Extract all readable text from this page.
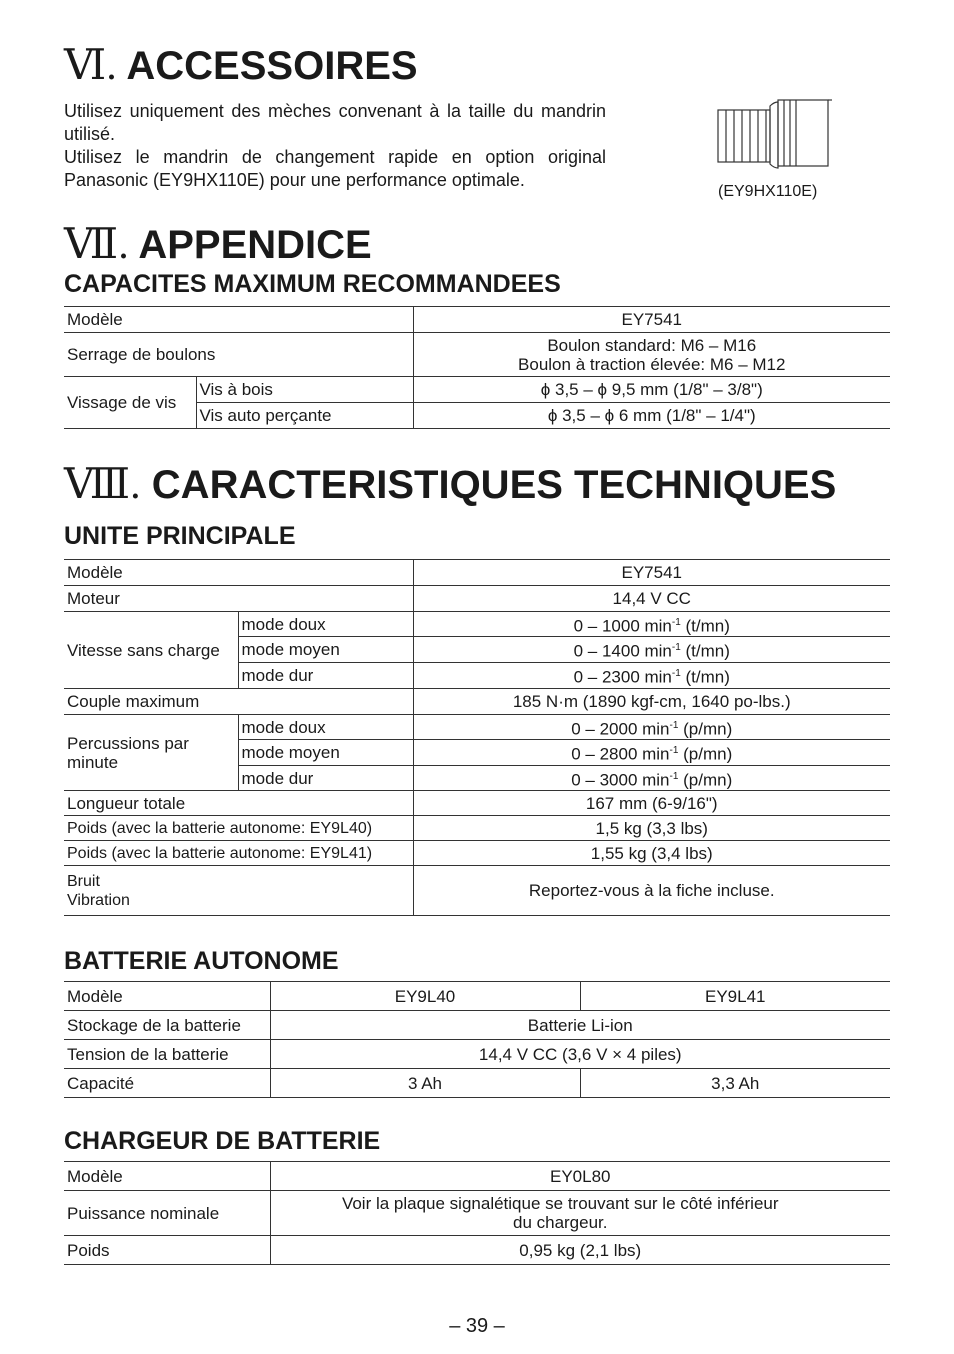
Ⅵ. ACCESSOIRES

Utilisez uniquement des mèches convenant à la taille du mandrin utilisé.

Utilisez le mandrin de changement rapide en option original Panasonic (EY9HX110E) pour une performance optimale.

(EY9HX110E)
Ⅶ. APPENDICE
CAPACITES MAXIMUM RECOMMANDEES
Modèle		EY7541
Serrage de boulons		Boulon standard: M6 – M16
Boulon à traction élevée: M6 – M12

Vissage de vis	Vis à bois	ϕ 3,5 – ϕ 9,5 mm (1/8" – 3/8")
	Vis auto perçante	ϕ 3,5 – ϕ 6 mm (1/8" – 1/4")
Ⅷ. CARACTERISTIQUES TECHNIQUES
UNITE PRINCIPALE
Modèle		EY7541
Moteur		14,4 V CC
Vitesse sans charge	mode doux	0 – 1000 $\min^{-1} (t/mn)$
	mode moyen	0 – 1400 $\min^{-1} (t/mn)$
	mode dur	0 – 2300 $\min^{-1} (t/mn)$
Couple maximum		185 N·m (1890 kgf-cm, 1640 po-lbs.)
Percussions par minute	mode doux	0 – 2000 $\min^{-1} (p/mn)$
	mode moyen	0 – 2800 $\min^{-1} (p/mn)$
	mode dur	0 – 3000 $\min^{-1} (p/mn)$
Longueur totale		167 mm (6-9/16")
Poids (avec la batterie autonome: EY9L40)		1,5 kg (3,3 lbs)
Poids (avec la batterie autonome: EY9L41)		1,55 kg (3,4 lbs)

Bruit
Vibration		Reportez-vous à la fiche incluse.
BATTERIE AUTONOME
Modèle	EY9L40	EY9L41
Stockage de la batterie	Batterie Li-ion	
Tension de la batterie	14,4 V CC (3,6 V × 4 piles)	
Capacité	3 Ah	3,3 Ah
CHARGEUR DE BATTERIE
Modèle	EY0L80
Puissance nominale	Voir la plaque signalétique se trouvant sur le côté inférieur
du chargeur.

Poids	0,95 kg (2,1 lbs)
– 39 –
